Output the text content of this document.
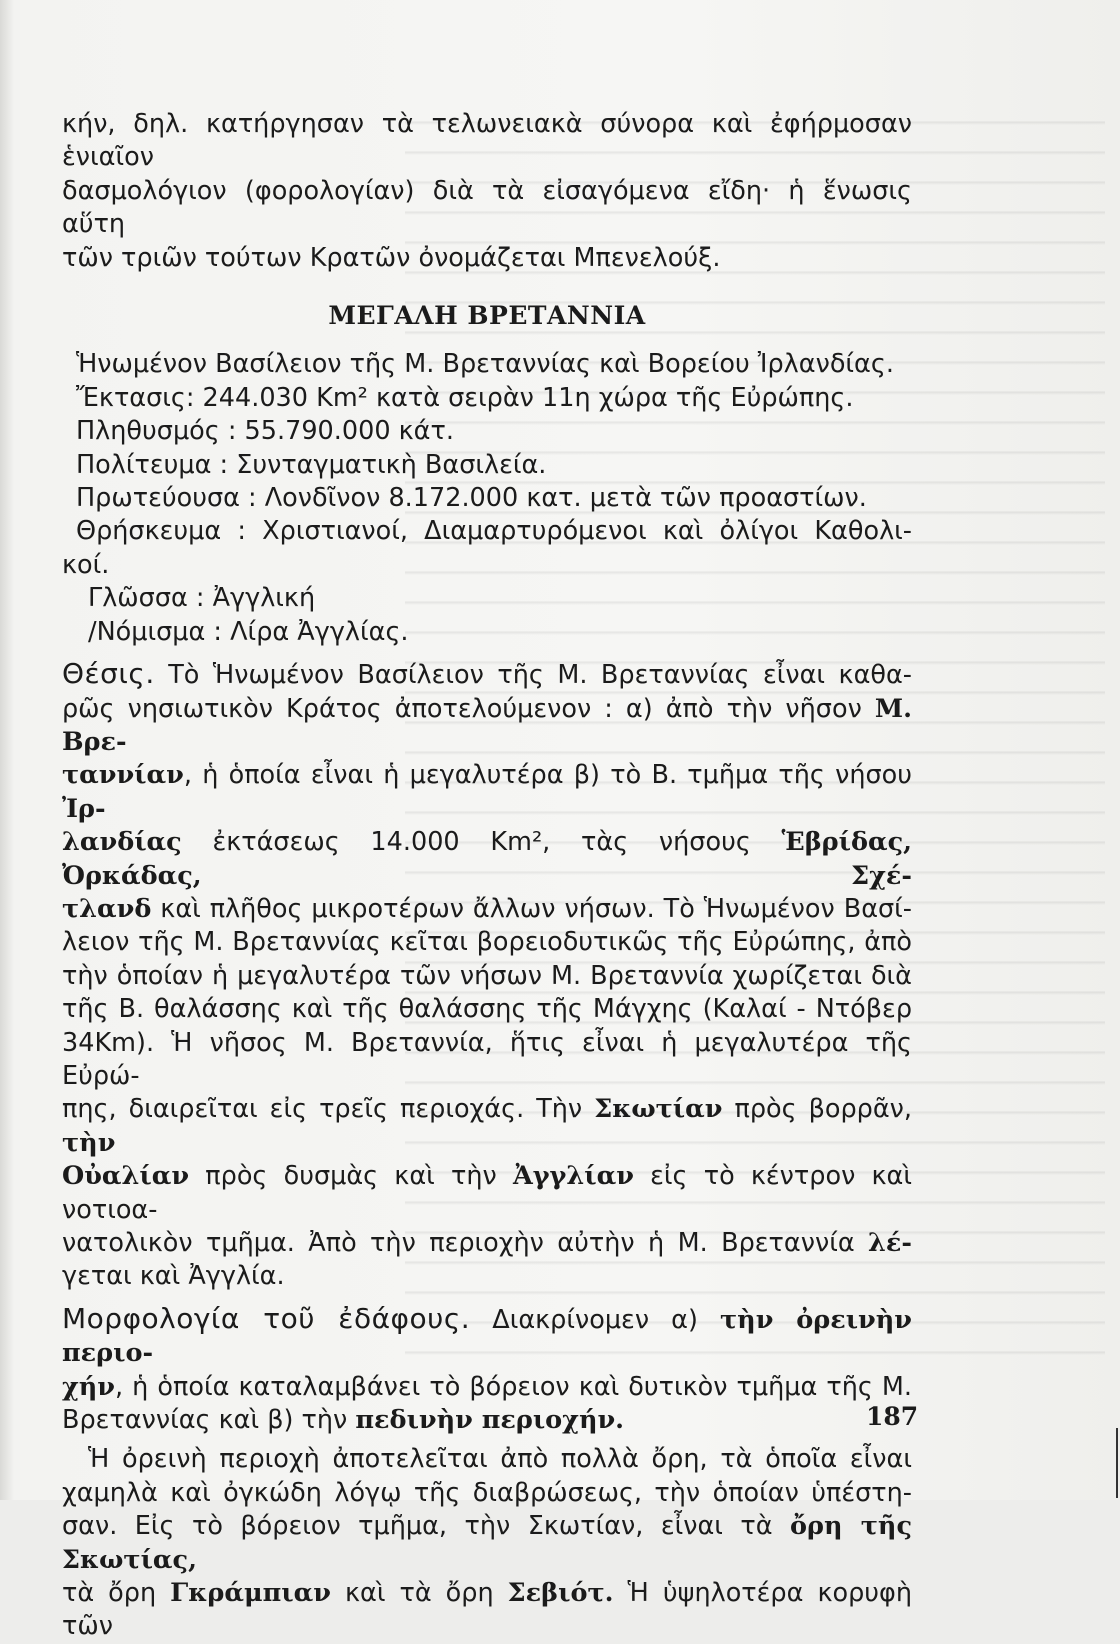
κήν, δηλ. κατήργησαν τὰ τελωνειακὰ σύνορα καὶ ἐφήρμοσαν ἑνιαῖον

δασμολόγιον (φορολογίαν) διὰ τὰ εἰσαγόμενα εἴδη· ἡ ἕνωσις αὕτη

τῶν τριῶν τούτων Κρατῶν ὀνομάζεται Μπενελούξ.

ΜΕΓΑΛΗ ΒΡΕΤΑΝΝΙΑ

Ἡνωμένον Βασίλειον τῆς Μ. Βρεταννίας καὶ Βορείου Ἰρλανδίας.

Ἔκτασις: 244.030 Km² κατὰ σειρὰν 11η χώρα τῆς Εὐρώπης.

Πληθυσμός : 55.790.000 κάτ.

Πολίτευμα : Συνταγματικὴ Βασιλεία.

Πρωτεύουσα : Λονδῖνον 8.172.000 κατ. μετὰ τῶν προαστίων.

Θρήσκευμα : Χριστιανοί, Διαμαρτυρόμενοι καὶ ὀλίγοι Καθολι-

κοί.

Γλῶσσα : Ἀγγλική

/Νόμισμα : Λίρα Ἀγγλίας.

Θέσις. Τὸ Ἡνωμένον Βασίλειον τῆς Μ. Βρεταννίας εἶναι καθα-

ρῶς νησιωτικὸν Κράτος ἀποτελούμενον : α) ἀπὸ τὴν νῆσον Μ. Βρε-

ταννίαν, ἡ ὁποία εἶναι ἡ μεγαλυτέρα β) τὸ Β. τμῆμα τῆς νήσου Ἰρ-

λανδίας ἐκτάσεως 14.000 Km², τὰς νήσους Ἑβρίδας, Ὀρκάδας, Σχέ-

τλανδ καὶ πλῆθος μικροτέρων ἄλλων νήσων. Τὸ Ἡνωμένον Βασί-

λειον τῆς Μ. Βρεταννίας κεῖται βορειοδυτικῶς τῆς Εὐρώπης, ἀπὸ

τὴν ὁποίαν ἡ μεγαλυτέρα τῶν νήσων Μ. Βρεταννία χωρίζεται διὰ

τῆς Β. θαλάσσης καὶ τῆς θαλάσσης τῆς Μάγχης (Καλαί - Ντόβερ

34Km). Ἡ νῆσος Μ. Βρεταννία, ἥτις εἶναι ἡ μεγαλυτέρα τῆς Εὐρώ-

πης, διαιρεῖται εἰς τρεῖς περιοχάς. Τὴν Σκωτίαν πρὸς βορρᾶν, τὴν

Οὐαλίαν πρὸς δυσμὰς καὶ τὴν Ἀγγλίαν εἰς τὸ κέντρον καὶ νοτιοα-

νατολικὸν τμῆμα. Ἀπὸ τὴν περιοχὴν αὐτὴν ἡ Μ. Βρεταννία λέ-

γεται καὶ Ἀγγλία.

Μορφολογία τοῦ ἐδάφους. Διακρίνομεν α) τὴν ὀρεινὴν περιο-

χήν, ἡ ὁποία καταλαμβάνει τὸ βόρειον καὶ δυτικὸν τμῆμα τῆς Μ.

Βρεταννίας καὶ β) τὴν πεδινὴν περιοχήν.

Ἡ ὀρεινὴ περιοχὴ ἀποτελεῖται ἀπὸ πολλὰ ὄρη, τὰ ὁποῖα εἶναι

χαμηλὰ καὶ ὀγκώδη λόγῳ τῆς διαβρώσεως, τὴν ὁποίαν ὑπέστη-

σαν. Εἰς τὸ βόρειον τμῆμα, τὴν Σκωτίαν, εἶναι τὰ ὄρη τῆς Σκωτίας,

τὰ ὄρη Γκράμπιαν καὶ τὰ ὄρη Σεβιότ. Ἡ ὑψηλοτέρα κορυφὴ τῶν

187
